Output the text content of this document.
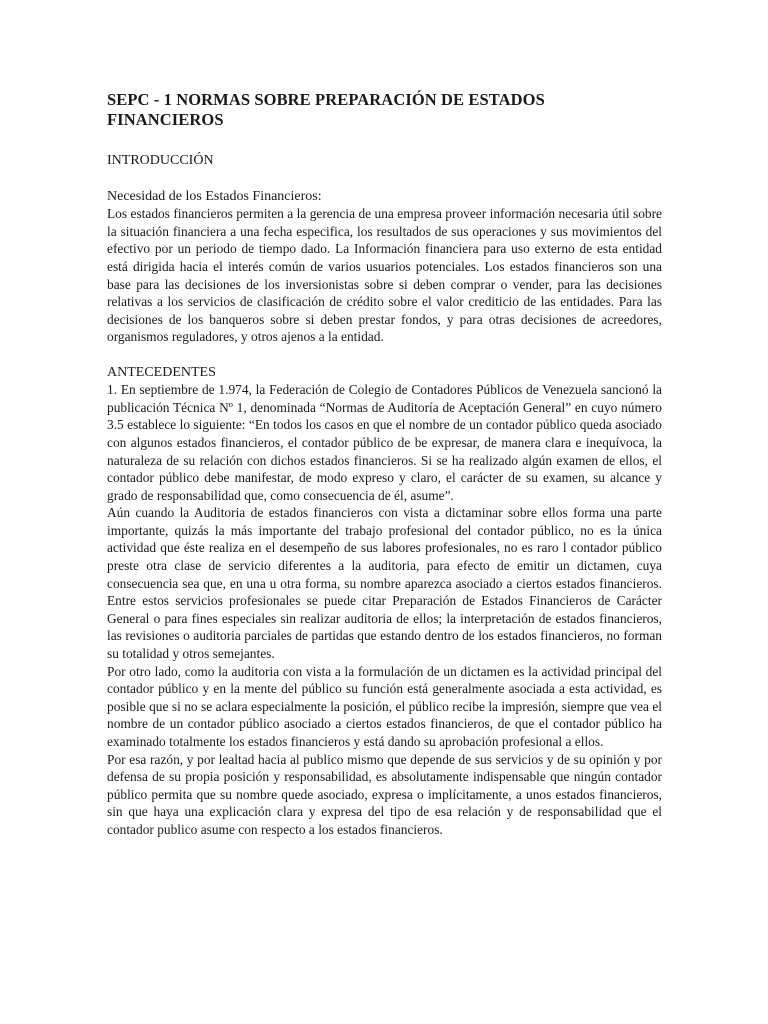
SEPC - 1 NORMAS SOBRE PREPARACIÓN DE ESTADOS FINANCIEROS
INTRODUCCIÓN
Necesidad de los Estados Financieros:

Los estados financieros permiten a la gerencia de una empresa proveer información necesaria útil sobre la situación financiera a una fecha especifica, los resultados de sus operaciones y sus movimientos del efectivo por un periodo de tiempo dado. La Información financiera para uso externo de esta entidad está dirigida hacia el interés común de varios usuarios potenciales. Los estados financieros son una base para las decisiones de los inversionistas sobre si deben comprar o vender, para las decisiones relativas a los servicios de clasificación de crédito sobre el valor crediticio de las entidades. Para las decisiones de los banqueros sobre si deben prestar fondos, y para otras decisiones de acreedores, organismos reguladores, y otros ajenos a la entidad.

ANTECEDENTES

1. En septiembre de 1.974, la Federación de Colegio de Contadores Públicos de Venezuela sancionó la publicación Técnica Nº 1, denominada “Normas de Auditoría de Aceptación General” en cuyo número 3.5 establece lo siguiente: “En todos los casos en que el nombre de un contador público queda asociado con algunos estados financieros, el contador público de be expresar, de manera clara e inequívoca, la naturaleza de su relación con dichos estados financieros. Si se ha realizado algún examen de ellos, el contador público debe manifestar, de modo expreso y claro, el carácter de su examen, su alcance y grado de responsabilidad que, como consecuencia de él, asume”.

Aún cuando la Auditoria de estados financieros con vista a dictaminar sobre ellos forma una parte importante, quizás la más importante del trabajo profesional del contador público, no es la única actividad que éste realiza en el desempeño de sus labores profesionales, no es raro l contador público preste otra clase de servicio diferentes a la auditoria, para efecto de emitir un dictamen, cuya consecuencia sea que, en una u otra forma, su nombre aparezca asociado a ciertos estados financieros. Entre estos servicios profesionales se puede citar Preparación de Estados Financieros de Carácter General o para fines especiales sin realizar auditoria de ellos; la interpretación de estados financieros, las revisiones o auditoria parciales de partidas que estando dentro de los estados financieros, no forman su totalidad y otros semejantes.

Por otro lado, como la auditoria con vista a la formulación de un dictamen es la actividad principal del contador público y en la mente del público su función está generalmente asociada a esta actividad, es posible que si no se aclara especialmente la posición, el público recibe la impresión, siempre que vea el nombre de un contador público asociado a ciertos estados financieros, de que el contador público ha examinado totalmente los estados financieros y está dando su aprobación profesional a ellos.

Por esa razón, y por lealtad hacia al publico mismo que depende de sus servicios y de su opinión y por defensa de su propia posición y responsabilidad, es absolutamente indispensable que ningún contador público permita que su nombre quede asociado, expresa o implícitamente, a unos estados financieros, sin que haya una explicación clara y expresa del tipo de esa relación y de responsabilidad que el contador publico asume con respecto a los estados financieros.
